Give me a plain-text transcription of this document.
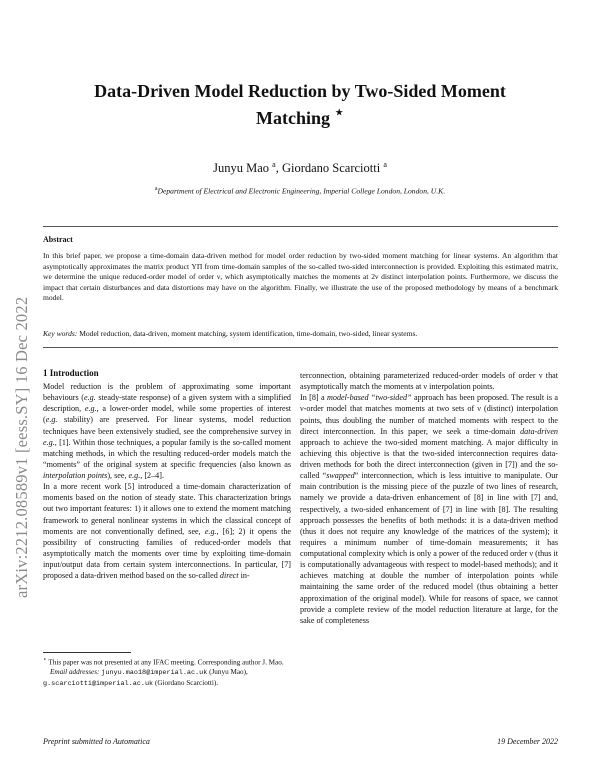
arXiv:2212.08589v1 [eess.SY] 16 Dec 2022
Data-Driven Model Reduction by Two-Sided Moment
Matching ⋆
Junyu Mao $^a$, Giordano Scarciotti $^a$
$^a$Department of Electrical and Electronic Engineering, Imperial College London, London, U.K.
Abstract
In this brief paper, we propose a time-domain data-driven method for model order reduction by two-sided moment matching for linear systems. An algorithm that asymptotically approximates the matrix product ΥΠ from time-domain samples of the so-called two-sided interconnection is provided. Exploiting this estimated matrix, we determine the unique reduced-order model of order ν, which asymptotically matches the moments at 2ν distinct interpolation points. Furthermore, we discuss the impact that certain disturbances and data distortions may have on the algorithm. Finally, we illustrate the use of the proposed methodology by means of a benchmark model.
Key words: Model reduction, data-driven, moment matching, system identification, time-domain, two-sided, linear systems.
1 Introduction

Model reduction is the problem of approximating some important behaviours (e.g. steady-state response) of a given system with a simplified description, e.g., a lower-order model, while some properties of interest (e.g. stability) are preserved. For linear systems, model reduction techniques have been extensively studied, see the comprehensive survey in e.g., [1]. Within those techniques, a popular family is the so-called moment matching methods, in which the resulting reduced-order models match the “moments” of the original system at specific frequencies (also known as interpolation points), see, e.g., [2–4].

In a more recent work [5] introduced a time-domain characterization of moments based on the notion of steady state. This characterization brings out two important features: 1) it allows one to extend the moment matching framework to general nonlinear systems in which the classical concept of moments are not conventionally defined, see, e.g., [6]; 2) it opens the possibility of constructing families of reduced-order models that asymptotically match the moments over time by exploiting time-domain input/output data from certain system interconnections. In particular, [7] proposed a data-driven method based on the so-called direct in-

terconnection, obtaining parameterized reduced-order models of order ν that asymptotically match the moments at ν interpolation points.

In [8] a model-based “two-sided” approach has been proposed. The result is a ν-order model that matches moments at two sets of ν (distinct) interpolation points, thus doubling the number of matched moments with respect to the direct interconnection. In this paper, we seek a time-domain data-driven approach to achieve the two-sided moment matching. A major difficulty in achieving this objective is that the two-sided interconnection requires data-driven methods for both the direct interconnection (given in [7]) and the so-called “swapped” interconnection, which is less intuitive to manipulate. Our main contribution is the missing piece of the puzzle of two lines of research, namely we provide a data-driven enhancement of [8] in line with [7] and, respectively, a two-sided enhancement of [7] in line with [8]. The resulting approach possesses the benefits of both methods: it is a data-driven method (thus it does not require any knowledge of the matrices of the system); it requires a minimum number of time-domain measurements; it has computational complexity which is only a power of the reduced order ν (thus it is computationally advantageous with respect to model-based methods); and it achieves matching at double the number of interpolation points while maintaining the same order of the reduced model (thus obtaining a better approximation of the original model). While for reasons of space, we cannot provide a complete review of the model reduction literature at large, for the sake of completeness

⋆ This paper was not presented at any IFAC meeting. Corresponding author J. Mao.

Email addresses: junyu.mao18@imperial.ac.uk (Junyu Mao), g.scarciotti@imperial.ac.uk (Giordano Scarciotti).

Preprint submitted to Automatica	19 December 2022
